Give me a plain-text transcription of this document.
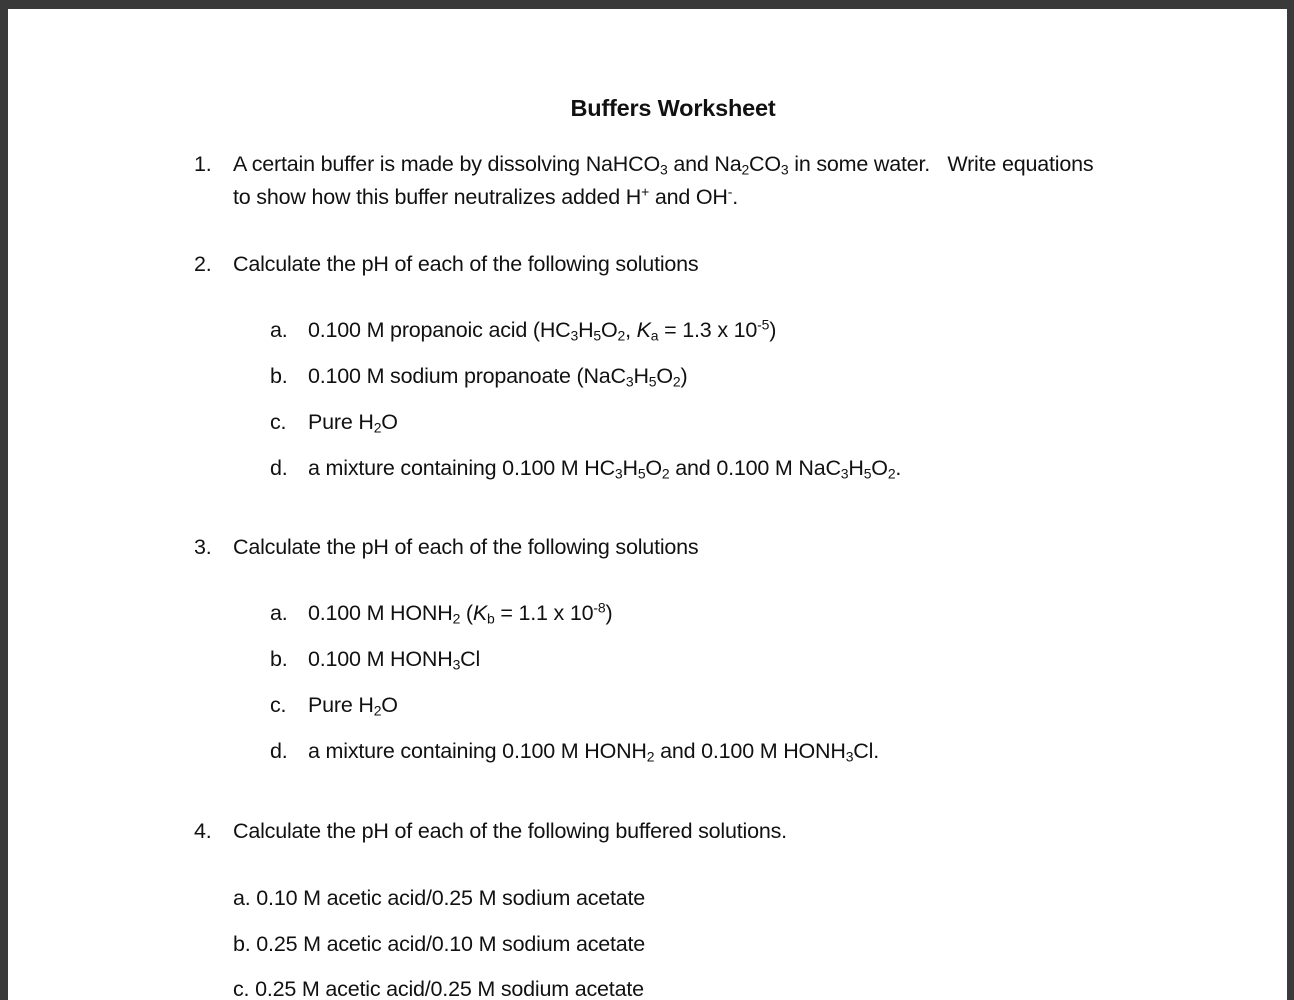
Buffers Worksheet
1. A certain buffer is made by dissolving NaHCO$_3$ and $Na_2CO_3$ in some water.   Write equations
to show how this buffer neutralizes added H+ and OH-.
2. Calculate the pH of each of the following solutions
a. 0.100 M propanoic acid ($HC_3H_5O_2$, $K_a = 1.3$ x $10^{-5}$)
b. 0.100 M sodium propanoate $(NaC_3H_5O_2)$
c. Pure $H_2O$
d. a mixture containing 0.100 M $HC_3H_5O_2$ and 0.100 M $NaC_3H_5O_2$.
3. Calculate the pH of each of the following solutions
a. 0.100 M $HONH_2$ ($K_b = 1.1$ x $10^{-8}$)
b. 0.100 M $HONH_3Cl$
c. Pure $H_2O$
d. a mixture containing 0.100 M $HONH_2$ and 0.100 M $HONH_3Cl$.
4. Calculate the pH of each of the following buffered solutions.
a. 0.10 M acetic acid/0.25 M sodium acetate
b. 0.25 M acetic acid/0.10 M sodium acetate
c. 0.25 M acetic acid/0.25 M sodium acetate
